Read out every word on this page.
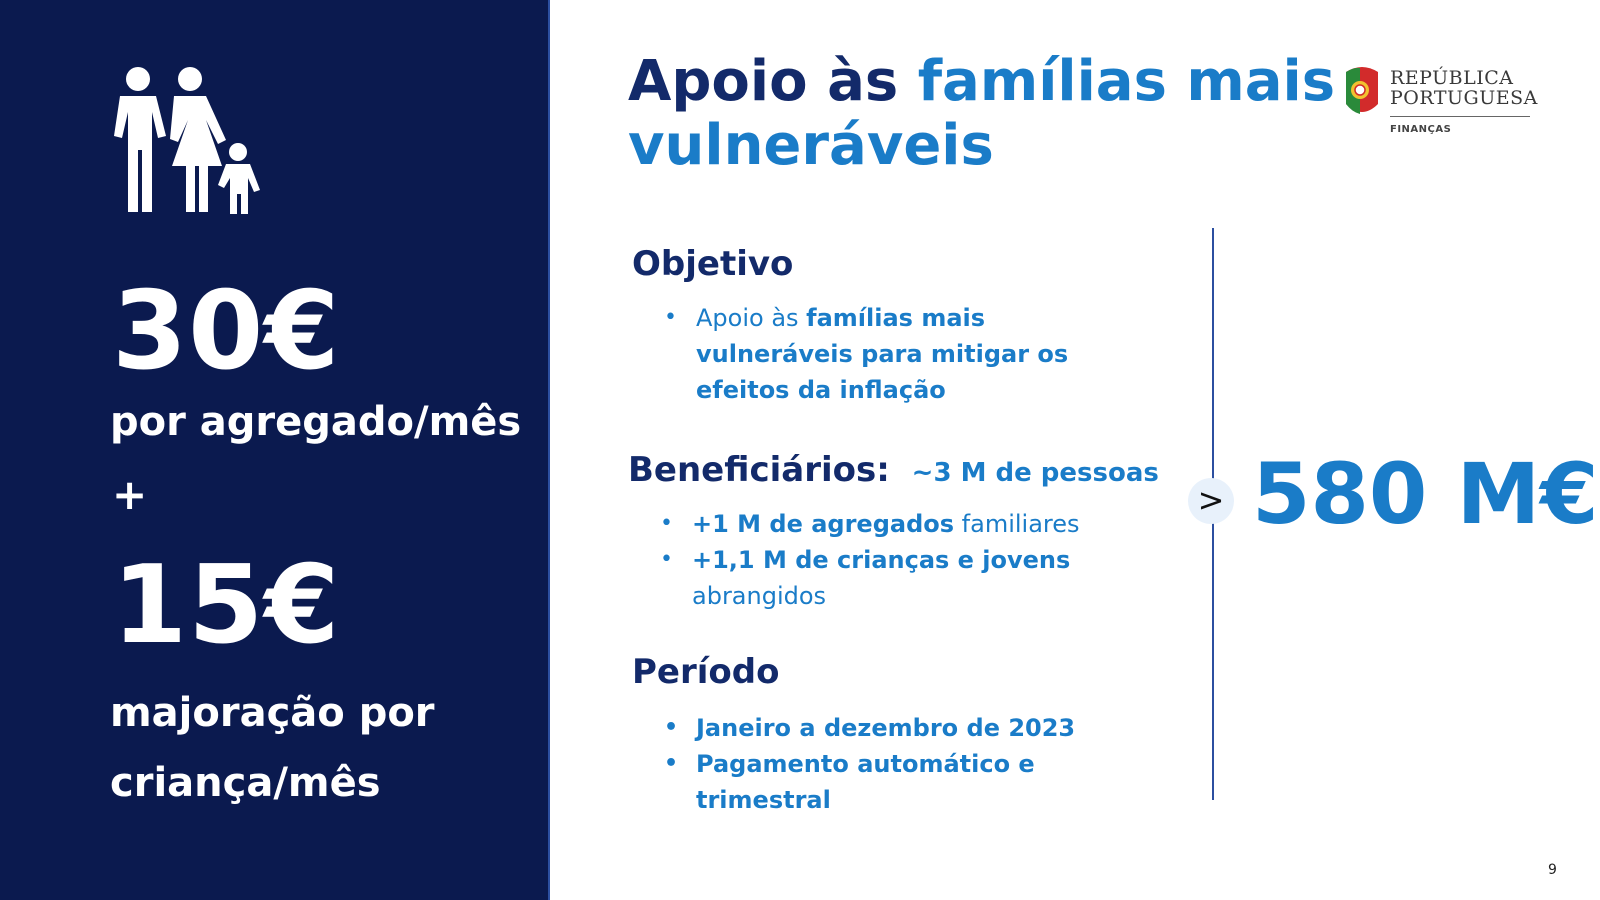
30€
por agregado/mês
+
15€
majoração por criança/mês
Apoio às famílias mais vulneráveis
REPÚBLICA
PORTUGUESA
FINANÇAS
Objetivo
• Apoio às famílias mais vulneráveis para mitigar os efeitos da inflação
Beneficiários: ~3 M de pessoas
• +1 M de agregados familiares
• +1,1 M de crianças e jovens abrangidos
Período
• Janeiro a dezembro de 2023
• Pagamento automático e trimestral
> 580 M€
9
